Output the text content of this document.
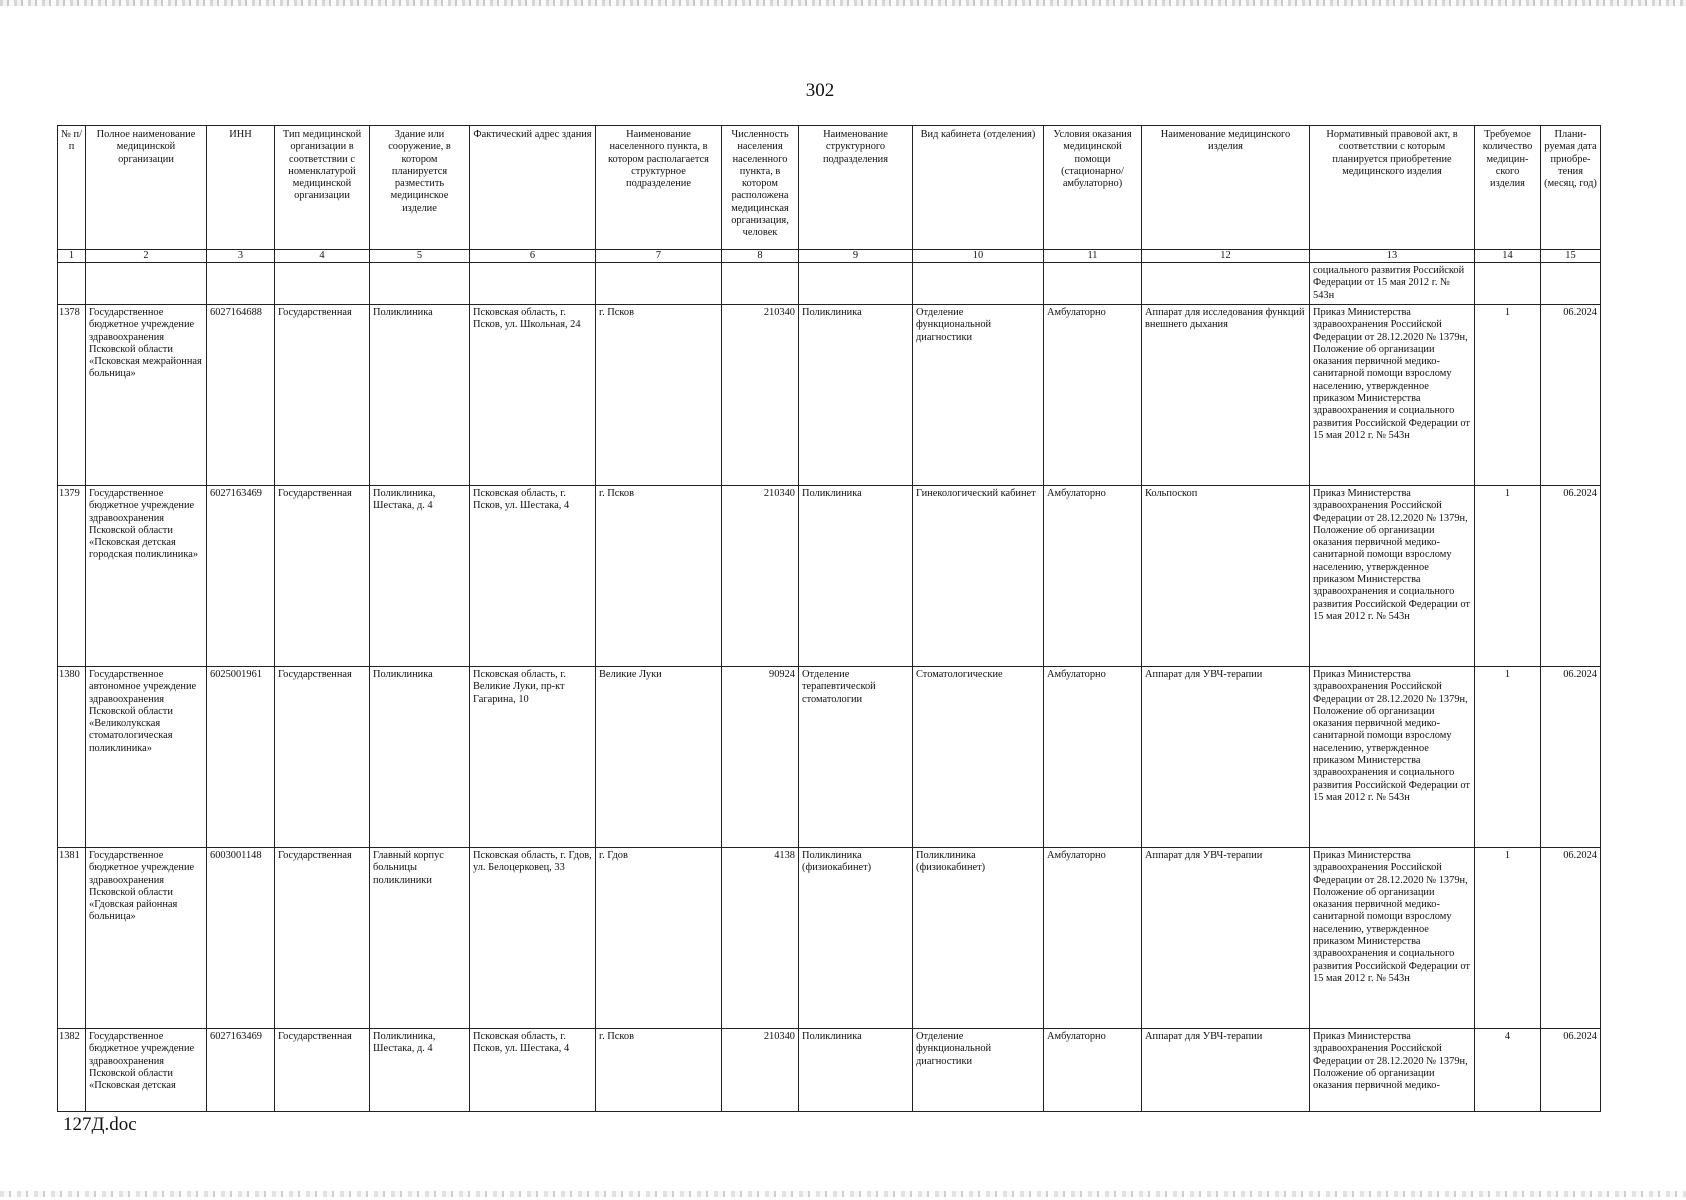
302
№ п/п	Полное наименование медицинской организации	ИНН	Тип медицинской организации в соответствии с номенклатурой медицинской организации	Здание или сооружение, в котором планируется разместить медицинское изделие	Фактический адрес здания	Наименование населенного пункта, в котором располагается структурное подразделение	Численность населения населенного пункта, в котором расположена медицинская организация, человек	Наименование структурного подразделения	Вид кабинета (отделения)	Условия оказания медицинской помощи (стационарно/ амбулаторно)	Наименование медицинского изделия	Нормативный правовой акт, в соответствии с которым планируется приобретение медицинского изделия	Требуемое количество медицин-ского изделия	Плани-руемая дата приобре-тения (месяц, год)
1	2	3	4	5	6	7	8	9	10	11	12	13	14	15
												социального развития Российской Федерации от 15 мая 2012 г. № 543н		
1378	Государственное бюджетное учреждение здравоохранения Псковской области «Псковская межрайонная больница»	6027164688	Государственная	Поликлиника	Псковская область, г. Псков, ул. Школьная, 24	г. Псков	210340	Поликлиника	Отделение функциональной диагностики	Амбулаторно	Аппарат для исследования функций внешнего дыхания	Приказ Министерства здравоохранения Российской Федерации от 28.12.2020 № 1379н, Положение об организации оказания первичной медико-санитарной помощи взрослому населению, утвержденное приказом Министерства здравоохранения и социального развития Российской Федерации от 15 мая 2012 г. № 543н	1	06.2024
1379	Государственное бюджетное учреждение здравоохранения Псковской области «Псковская детская городская поликлиника»	6027163469	Государственная	Поликлиника, Шестака, д. 4	Псковская область, г. Псков, ул. Шестака, 4	г. Псков	210340	Поликлиника	Гинекологический кабинет	Амбулаторно	Кольпоскоп	Приказ Министерства здравоохранения Российской Федерации от 28.12.2020 № 1379н, Положение об организации оказания первичной медико-санитарной помощи взрослому населению, утвержденное приказом Министерства здравоохранения и социального развития Российской Федерации от 15 мая 2012 г. № 543н	1	06.2024
1380	Государственное автономное учреждение здравоохранения Псковской области «Великолукская стоматологическая поликлиника»	6025001961	Государственная	Поликлиника	Псковская область, г. Великие Луки, пр-кт Гагарина, 10	Великие Луки	90924	Отделение терапевтической стоматологии	Стоматологические	Амбулаторно	Аппарат для УВЧ-терапии	Приказ Министерства здравоохранения Российской Федерации от 28.12.2020 № 1379н, Положение об организации оказания первичной медико-санитарной помощи взрослому населению, утвержденное приказом Министерства здравоохранения и социального развития Российской Федерации от 15 мая 2012 г. № 543н	1	06.2024
1381	Государственное бюджетное учреждение здравоохранения Псковской области «Гдовская районная больница»	6003001148	Государственная	Главный корпус больницы поликлиники	Псковская область, г. Гдов, ул. Белоцерковец, 33	г. Гдов	4138	Поликлиника (физиокабинет)	Поликлиника (физиокабинет)	Амбулаторно	Аппарат для УВЧ-терапии	Приказ Министерства здравоохранения Российской Федерации от 28.12.2020 № 1379н, Положение об организации оказания первичной медико-санитарной помощи взрослому населению, утвержденное приказом Министерства здравоохранения и социального развития Российской Федерации от 15 мая 2012 г. № 543н	1	06.2024
1382	Государственное бюджетное учреждение здравоохранения Псковской области «Псковская детская	6027163469	Государственная	Поликлиника, Шестака, д. 4	Псковская область, г. Псков, ул. Шестака, 4	г. Псков	210340	Поликлиника	Отделение функциональной диагностики	Амбулаторно	Аппарат для УВЧ-терапии	Приказ Министерства здравоохранения Российской Федерации от 28.12.2020 № 1379н, Положение об организации оказания первичной медико-	4	06.2024
127Д.doc
